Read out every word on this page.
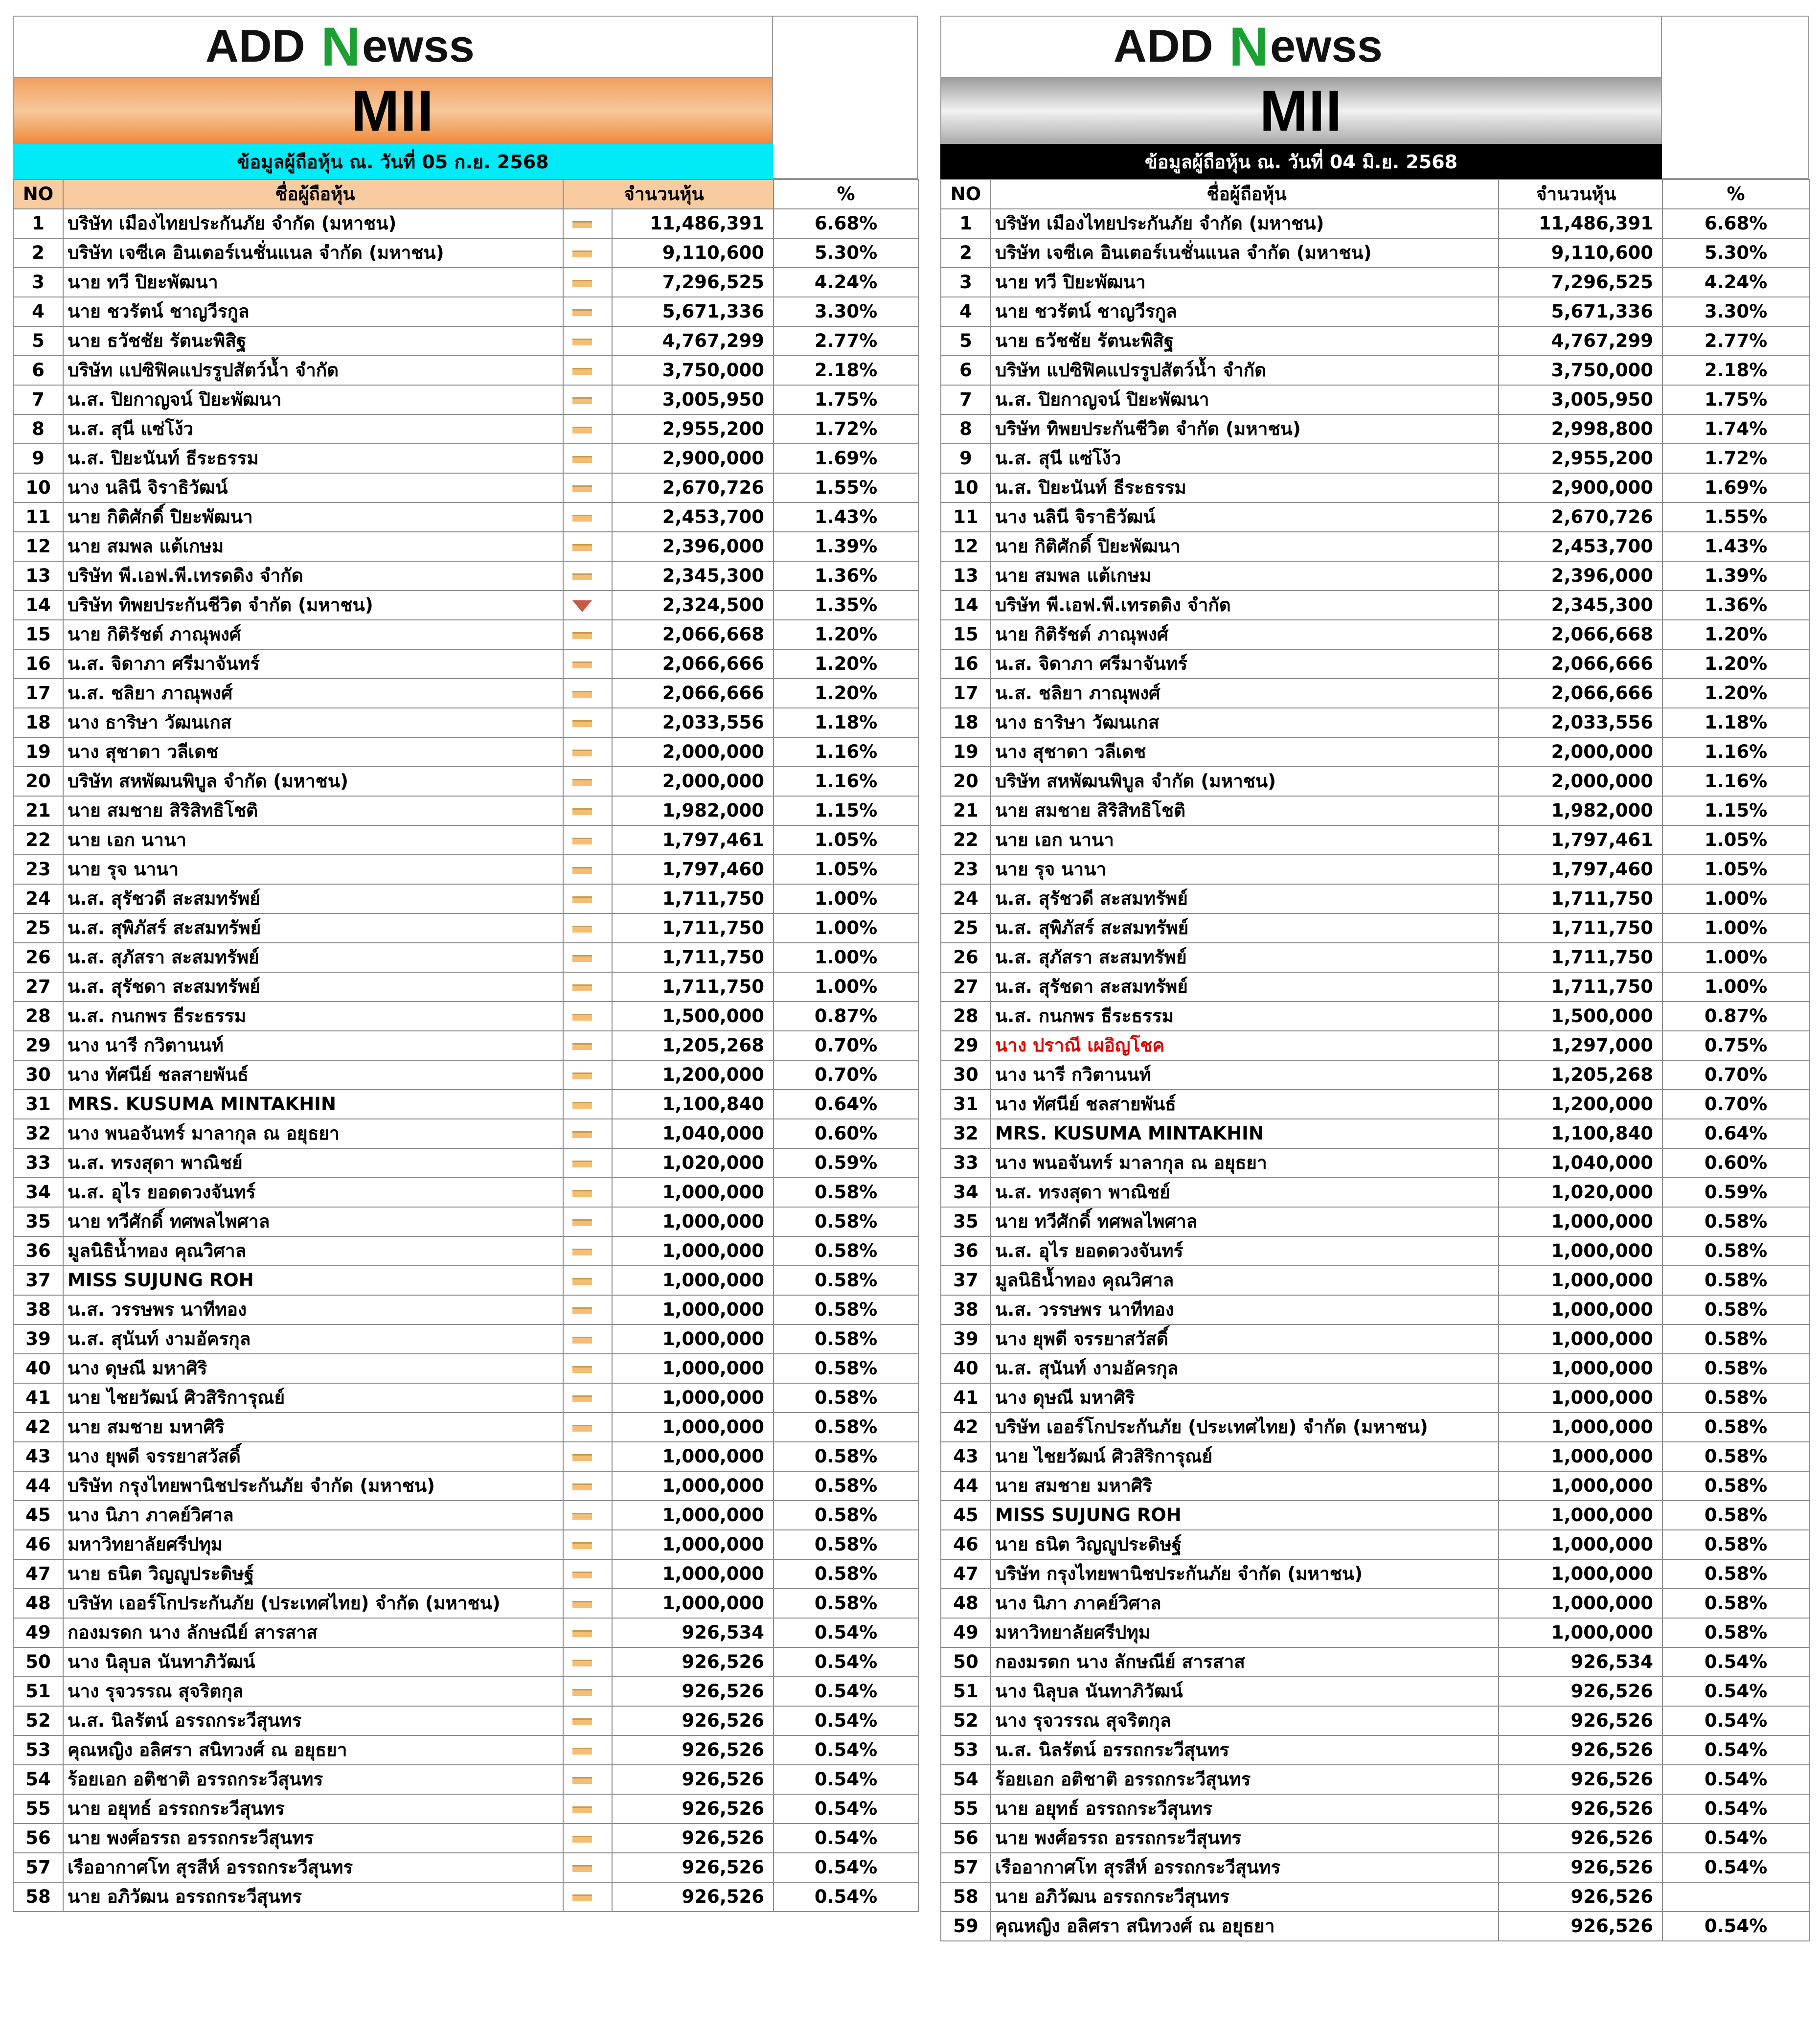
ADD N ewss
MII
ข้อมูลผู้ถือหุ้น ณ. วันที่ 05 ก.ย. 2568
NO	ชื่อผู้ถือหุ้น	จำนวนหุ้น		%
1	บริษัท เมืองไทยประกันภัย จำกัด (มหาชน)		11,486,391	6.68%
2	บริษัท เจซีเค อินเตอร์เนชั่นแนล จำกัด (มหาชน)		9,110,600	5.30%
3	นาย ทวี ปิยะพัฒนา		7,296,525	4.24%
4	นาย ชวรัตน์ ชาญวีรกูล		5,671,336	3.30%
5	นาย ธวัชชัย รัตนะพิสิฐ		4,767,299	2.77%
6	บริษัท แปซิฟิคแปรรูปสัตว์น้ำ จำกัด		3,750,000	2.18%
7	น.ส. ปิยกาญจน์ ปิยะพัฒนา		3,005,950	1.75%
8	น.ส. สุนี แซ่โง้ว		2,955,200	1.72%
9	น.ส. ปิยะนันท์ ธีระธรรม		2,900,000	1.69%
10	นาง นลินี จิราธิวัฒน์		2,670,726	1.55%
11	นาย กิติศักดิ์ ปิยะพัฒนา		2,453,700	1.43%
12	นาย สมพล แต้เกษม		2,396,000	1.39%
13	บริษัท พี.เอฟ.พี.เทรดดิง จำกัด		2,345,300	1.36%
14	บริษัท ทิพยประกันชีวิต จำกัด (มหาชน)		2,324,500	1.35%
15	นาย กิติรัชต์ ภาณุพงศ์		2,066,668	1.20%
16	น.ส. จิดาภา ศรีมาจันทร์		2,066,666	1.20%
17	น.ส. ชลิยา ภาณุพงศ์		2,066,666	1.20%
18	นาง ธาริษา วัฒนเกส		2,033,556	1.18%
19	นาง สุชาดา วลีเดช		2,000,000	1.16%
20	บริษัท สหพัฒนพิบูล จำกัด (มหาชน)		2,000,000	1.16%
21	นาย สมชาย สิริสิทธิโชติ		1,982,000	1.15%
22	นาย เอก นานา		1,797,461	1.05%
23	นาย รุจ นานา		1,797,460	1.05%
24	น.ส. สุรัชวดี สะสมทรัพย์		1,711,750	1.00%
25	น.ส. สุพิภัสร์ สะสมทรัพย์		1,711,750	1.00%
26	น.ส. สุภัสรา สะสมทรัพย์		1,711,750	1.00%
27	น.ส. สุรัชดา สะสมทรัพย์		1,711,750	1.00%
28	น.ส. กนกพร ธีระธรรม		1,500,000	0.87%
29	นาง นารี กวิตานนท์		1,205,268	0.70%
30	นาง ทัศนีย์ ชลสายพันธ์		1,200,000	0.70%
31	MRS. KUSUMA MINTAKHIN		1,100,840	0.64%
32	นาง พนอจันทร์ มาลากุล ณ อยุธยา		1,040,000	0.60%
33	น.ส. ทรงสุดา พาณิชย์		1,020,000	0.59%
34	น.ส. อุไร ยอดดวงจันทร์		1,000,000	0.58%
35	นาย ทวีศักดิ์ ทศพลไพศาล		1,000,000	0.58%
36	มูลนิธิน้ำทอง คุณวิศาล		1,000,000	0.58%
37	MISS SUJUNG ROH		1,000,000	0.58%
38	น.ส. วรรษพร นาทีทอง		1,000,000	0.58%
39	น.ส. สุนันท์ งามอัครกุล		1,000,000	0.58%
40	นาง ดุษณี มหาศิริ		1,000,000	0.58%
41	นาย ไชยวัฒน์ ศิวสิริการุณย์		1,000,000	0.58%
42	นาย สมชาย มหาศิริ		1,000,000	0.58%
43	นาง ยุพดี จรรยาสวัสดิ์		1,000,000	0.58%
44	บริษัท กรุงไทยพานิชประกันภัย จำกัด (มหาชน)		1,000,000	0.58%
45	นาง นิภา ภาคย์วิศาล		1,000,000	0.58%
46	มหาวิทยาลัยศรีปทุม		1,000,000	0.58%
47	นาย ธนิต วิญญูประดิษฐ์		1,000,000	0.58%
48	บริษัท เออร์โกประกันภัย (ประเทศไทย) จำกัด (มหาชน)		1,000,000	0.58%
49	กองมรดก นาง ลักษณีย์ สารสาส		926,534	0.54%
50	นาง นิลุบล นันทาภิวัฒน์		926,526	0.54%
51	นาง รุจวรรณ สุจริตกุล		926,526	0.54%
52	น.ส. นิลรัตน์ อรรถกระวีสุนทร		926,526	0.54%
53	คุณหญิง อลิศรา สนิทวงศ์ ณ อยุธยา		926,526	0.54%
54	ร้อยเอก อติชาติ อรรถกระวีสุนทร		926,526	0.54%
55	นาย อยุทธ์ อรรถกระวีสุนทร		926,526	0.54%
56	นาย พงศ์อรรถ อรรถกระวีสุนทร		926,526	0.54%
57	เรืออากาศโท สุรสีห์ อรรถกระวีสุนทร		926,526	0.54%
58	นาย อภิวัฒน อรรถกระวีสุนทร		926,526	0.54%
ADD N ewss
MII
ข้อมูลผู้ถือหุ้น ณ. วันที่ 04 มิ.ย. 2568
NO	ชื่อผู้ถือหุ้น	จำนวนหุ้น	%
1	บริษัท เมืองไทยประกันภัย จำกัด (มหาชน)	11,486,391	6.68%
2	บริษัท เจซีเค อินเตอร์เนชั่นแนล จำกัด (มหาชน)	9,110,600	5.30%
3	นาย ทวี ปิยะพัฒนา	7,296,525	4.24%
4	นาย ชวรัตน์ ชาญวีรกูล	5,671,336	3.30%
5	นาย ธวัชชัย รัตนะพิสิฐ	4,767,299	2.77%
6	บริษัท แปซิฟิคแปรรูปสัตว์น้ำ จำกัด	3,750,000	2.18%
7	น.ส. ปิยกาญจน์ ปิยะพัฒนา	3,005,950	1.75%
8	บริษัท ทิพยประกันชีวิต จำกัด (มหาชน)	2,998,800	1.74%
9	น.ส. สุนี แซ่โง้ว	2,955,200	1.72%
10	น.ส. ปิยะนันท์ ธีระธรรม	2,900,000	1.69%
11	นาง นลินี จิราธิวัฒน์	2,670,726	1.55%
12	นาย กิติศักดิ์ ปิยะพัฒนา	2,453,700	1.43%
13	นาย สมพล แต้เกษม	2,396,000	1.39%
14	บริษัท พี.เอฟ.พี.เทรดดิง จำกัด	2,345,300	1.36%
15	นาย กิติรัชต์ ภาณุพงศ์	2,066,668	1.20%
16	น.ส. จิดาภา ศรีมาจันทร์	2,066,666	1.20%
17	น.ส. ชลิยา ภาณุพงศ์	2,066,666	1.20%
18	นาง ธาริษา วัฒนเกส	2,033,556	1.18%
19	นาง สุชาดา วลีเดช	2,000,000	1.16%
20	บริษัท สหพัฒนพิบูล จำกัด (มหาชน)	2,000,000	1.16%
21	นาย สมชาย สิริสิทธิโชติ	1,982,000	1.15%
22	นาย เอก นานา	1,797,461	1.05%
23	นาย รุจ นานา	1,797,460	1.05%
24	น.ส. สุรัชวดี สะสมทรัพย์	1,711,750	1.00%
25	น.ส. สุพิภัสร์ สะสมทรัพย์	1,711,750	1.00%
26	น.ส. สุภัสรา สะสมทรัพย์	1,711,750	1.00%
27	น.ส. สุรัชดา สะสมทรัพย์	1,711,750	1.00%
28	น.ส. กนกพร ธีระธรรม	1,500,000	0.87%
29	นาง ปราณี เผอิญโชค	1,297,000	0.75%
30	นาง นารี กวิตานนท์	1,205,268	0.70%
31	นาง ทัศนีย์ ชลสายพันธ์	1,200,000	0.70%
32	MRS. KUSUMA MINTAKHIN	1,100,840	0.64%
33	นาง พนอจันทร์ มาลากุล ณ อยุธยา	1,040,000	0.60%
34	น.ส. ทรงสุดา พาณิชย์	1,020,000	0.59%
35	นาย ทวีศักดิ์ ทศพลไพศาล	1,000,000	0.58%
36	น.ส. อุไร ยอดดวงจันทร์	1,000,000	0.58%
37	มูลนิธิน้ำทอง คุณวิศาล	1,000,000	0.58%
38	น.ส. วรรษพร นาทีทอง	1,000,000	0.58%
39	นาง ยุพดี จรรยาสวัสดิ์	1,000,000	0.58%
40	น.ส. สุนันท์ งามอัครกุล	1,000,000	0.58%
41	นาง ดุษณี มหาศิริ	1,000,000	0.58%
42	บริษัท เออร์โกประกันภัย (ประเทศไทย) จำกัด (มหาชน)	1,000,000	0.58%
43	นาย ไชยวัฒน์ ศิวสิริการุณย์	1,000,000	0.58%
44	นาย สมชาย มหาศิริ	1,000,000	0.58%
45	MISS SUJUNG ROH	1,000,000	0.58%
46	นาย ธนิต วิญญูประดิษฐ์	1,000,000	0.58%
47	บริษัท กรุงไทยพานิชประกันภัย จำกัด (มหาชน)	1,000,000	0.58%
48	นาง นิภา ภาคย์วิศาล	1,000,000	0.58%
49	มหาวิทยาลัยศรีปทุม	1,000,000	0.58%
50	กองมรดก นาง ลักษณีย์ สารสาส	926,534	0.54%
51	นาง นิลุบล นันทาภิวัฒน์	926,526	0.54%
52	นาง รุจวรรณ สุจริตกุล	926,526	0.54%
53	น.ส. นิลรัตน์ อรรถกระวีสุนทร	926,526	0.54%
54	ร้อยเอก อติชาติ อรรถกระวีสุนทร	926,526	0.54%
55	นาย อยุทธ์ อรรถกระวีสุนทร	926,526	0.54%
56	นาย พงศ์อรรถ อรรถกระวีสุนทร	926,526	0.54%
57	เรืออากาศโท สุรสีห์ อรรถกระวีสุนทร	926,526	0.54%
58	นาย อภิวัฒน อรรถกระวีสุนทร	926,526	
59	คุณหญิง อลิศรา สนิทวงศ์ ณ อยุธยา	926,526	0.54%
